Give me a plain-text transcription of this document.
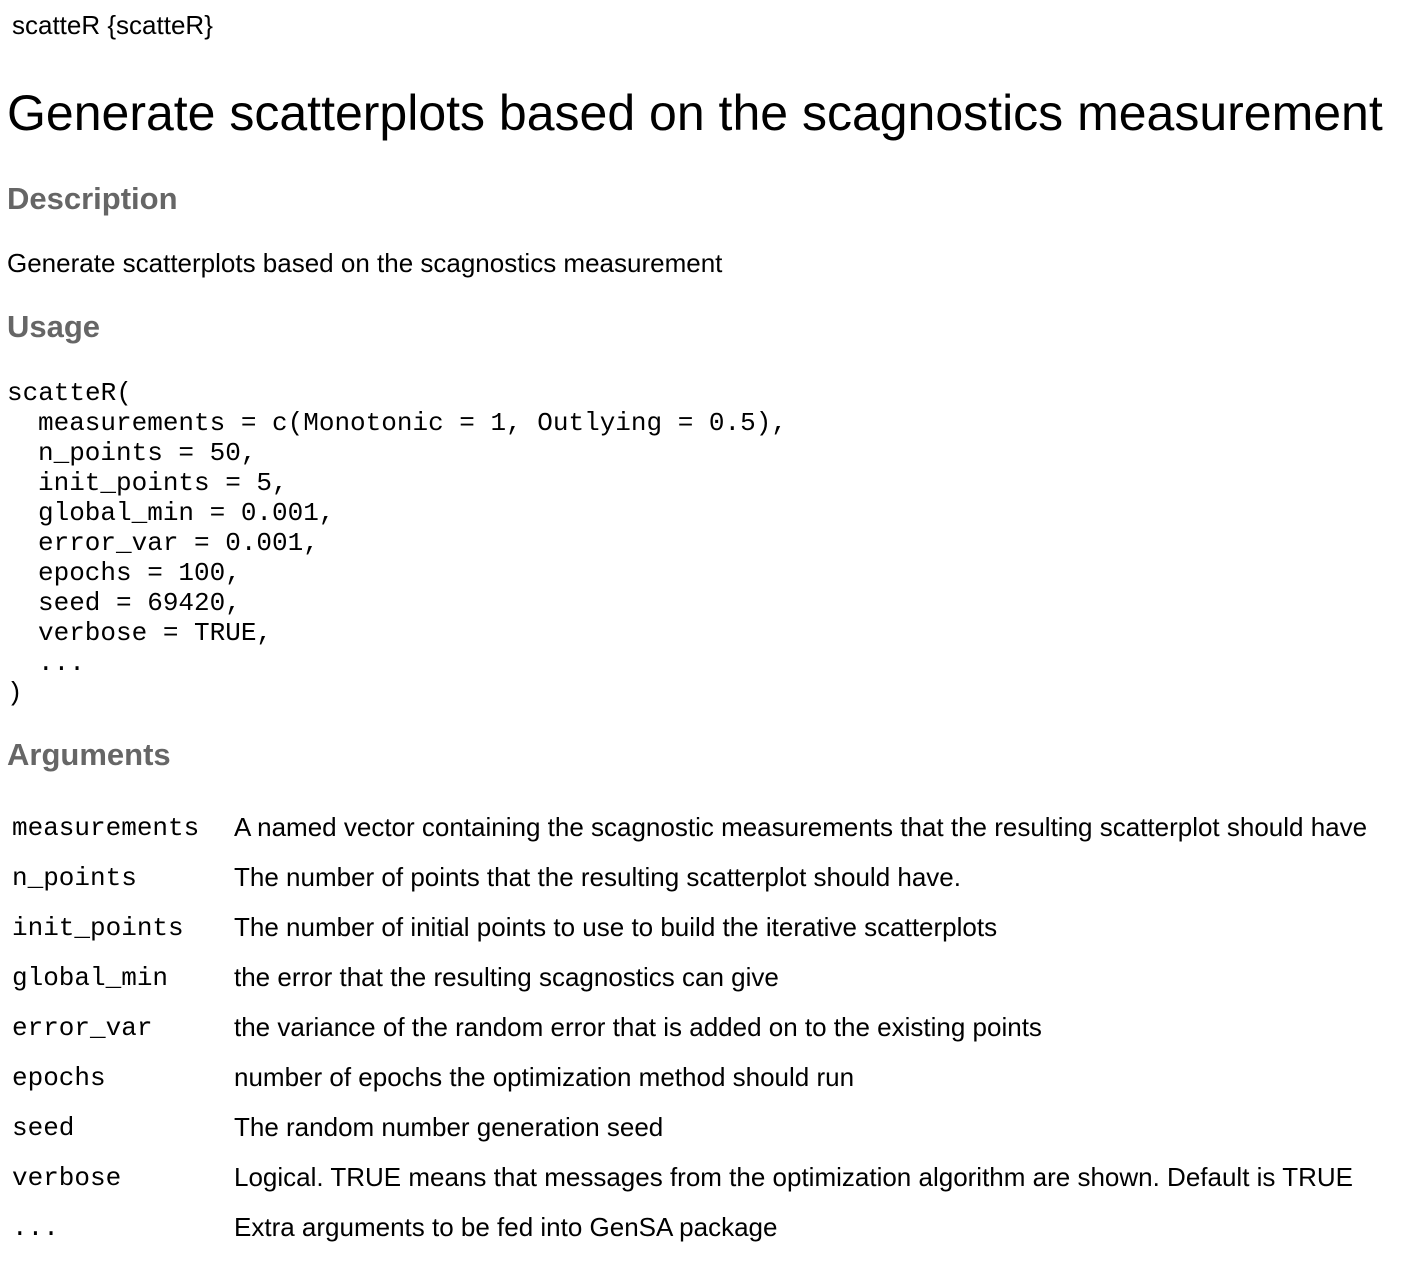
scatteR {scatteR}
Generate scatterplots based on the scagnostics measurement
Description

Generate scatterplots based on the scagnostics measurement

Usage
scatteR(
measurements = c(Monotonic = 1, Outlying = 0.5),
n_points = 50,
init_points = 5,
global_min = 0.001,
error_var = 0.001,
epochs = 100,
seed = 69420,
verbose = TRUE,
...
)
Arguments
measurements	A named vector containing the scagnostic measurements that the resulting scatterplot should have
n_points	The number of points that the resulting scatterplot should have.
init_points	The number of initial points to use to build the iterative scatterplots
global_min	the error that the resulting scagnostics can give
error_var	the variance of the random error that is added on to the existing points
epochs	number of epochs the optimization method should run
seed	The random number generation seed
verbose	Logical. TRUE means that messages from the optimization algorithm are shown. Default is TRUE
...	Extra arguments to be fed into GenSA package
